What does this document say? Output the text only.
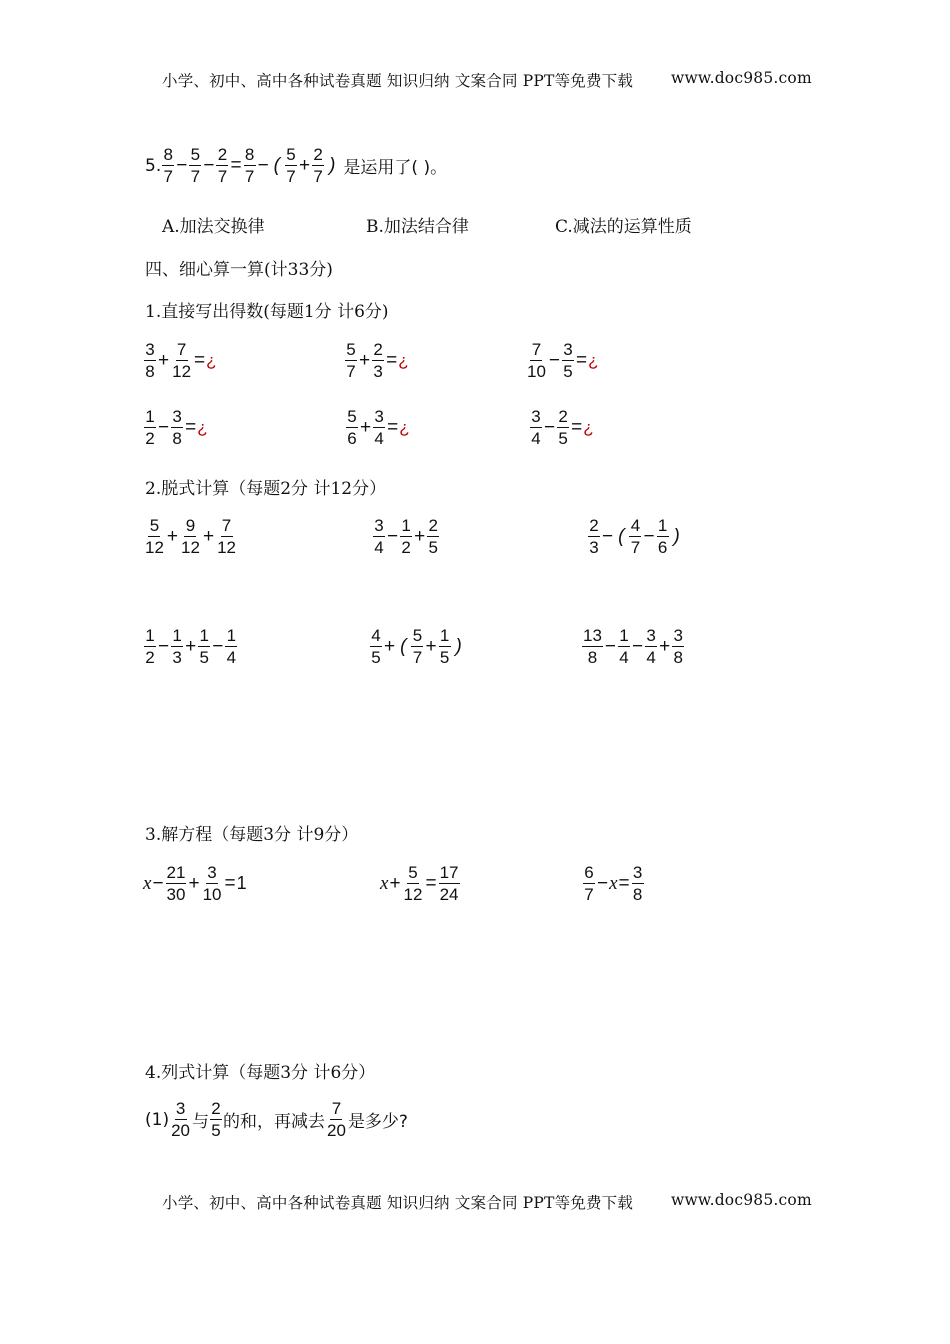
小学、初中、高中各种试卷真题 知识归纳 文案合同 PPT等免费下载 www.doc985.com
5. $\frac{8}{7} - \frac{5}{7} - \frac{2}{7} = \frac{8}{7}$ − ( $\frac{5}{7} + \frac{2}{7}$ ) 是运用了( )。
A.加法交换律	B.加法结合律	C.减法的运算性质
四、细心算一算(计33分)
1.直接写出得数(每题1分 计6分)
$\frac{3}{8} + \frac{7}{12}$ = ¿	$\frac{5}{7} + \frac{2}{3}$ = ¿	$\frac{7}{10} - \frac{3}{5}$ = ¿
$\frac{1}{2} - \frac{3}{8}$ = ¿	$\frac{5}{6} + \frac{3}{4}$ = ¿	$\frac{3}{4} - \frac{2}{5}$ = ¿
2.脱式计算（每题2分 计12分）
$\frac{5}{12} + \frac{9}{12} + \frac{7}{12}$	$\frac{3}{4} - \frac{1}{2} + \frac{2}{5}$	$\frac{2}{3}$ − ( $\frac{4}{7} - \frac{1}{6}$ )
$\frac{1}{2} - \frac{1}{3} + \frac{1}{5} - \frac{1}{4}$	$\frac{4}{5}$ + ( $\frac{5}{7} + \frac{1}{5}$ )	$\frac{13}{8} - \frac{1}{4} - \frac{3}{4} + \frac{3}{8}$
3.解方程（每题3分 计9分）
$x - \frac{21}{30} + \frac{3}{10} = 1$	$x + \frac{5}{12} = \frac{17}{24}$	$\frac{6}{7} - x = \frac{3}{8}$
4.列式计算（每题3分 计6分）
$(1) \frac{3}{20}$ 与 $\frac{2}{5}$ 的和，再减去 $\frac{7}{20}$ 是多少?
小学、初中、高中各种试卷真题 知识归纳 文案合同 PPT等免费下载 www.doc985.com
